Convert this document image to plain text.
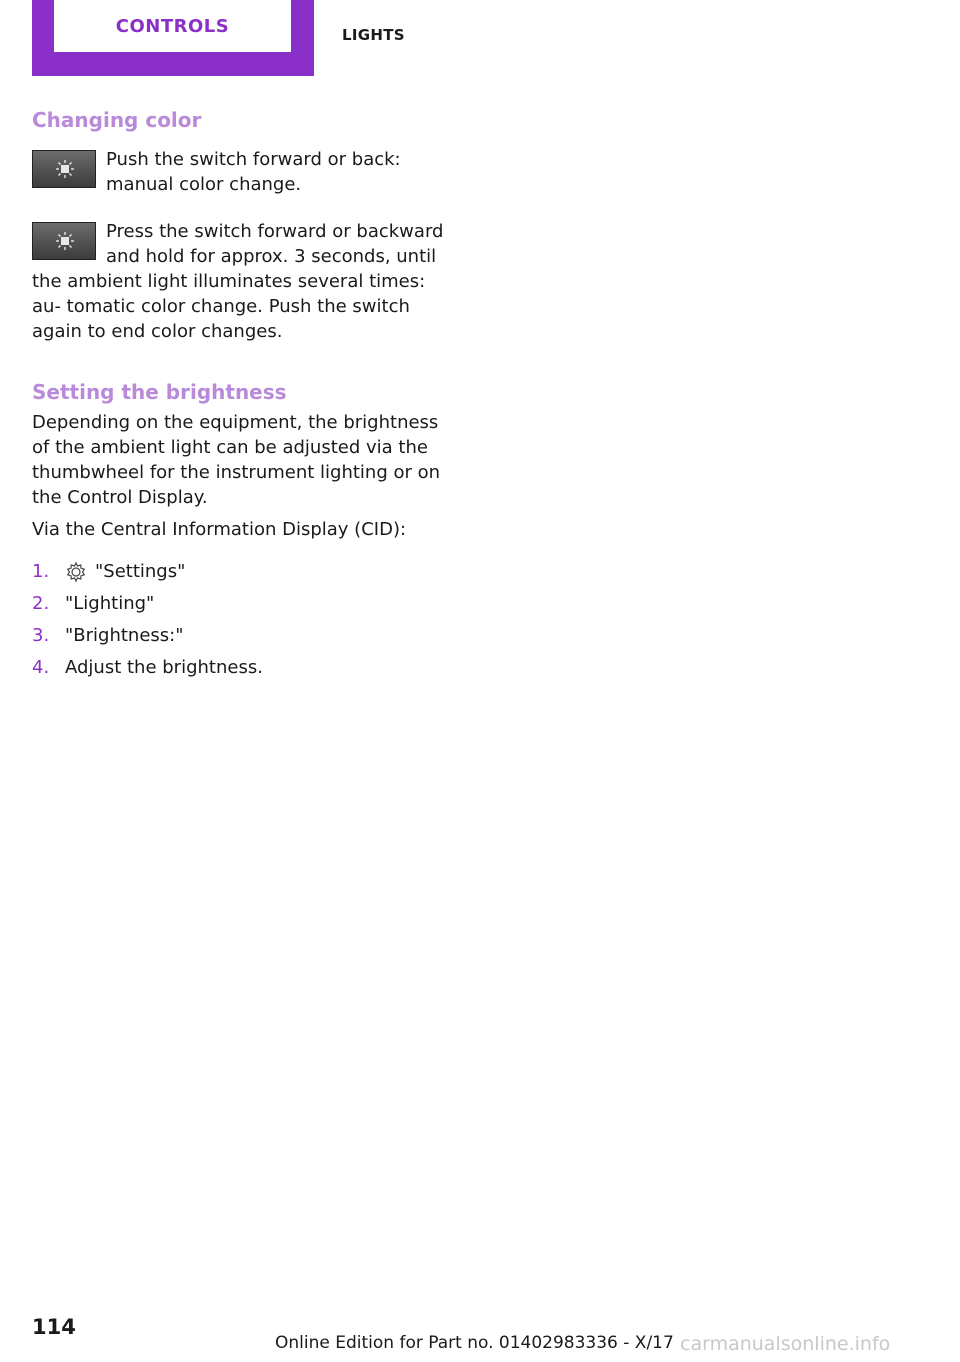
CONTROLS	LIGHTS
Changing color

Push the switch forward or back: manual color change.

Press the switch forward or backward and hold for approx. 3 seconds, until the ambient light illuminates several times: au‐ tomatic color change. Push the switch again to end color changes.

Setting the brightness

Depending on the equipment, the brightness of the ambient light can be adjusted via the thumbwheel for the instrument lighting or on the Control Display.

Via the Central Information Display (CID):

1.	"Settings"
2. "Lighting"
3. "Brightness:"
4. Adjust the brightness.
114
Online Edition for Part no. 01402983336 - X/17 carmanualsonline.info
